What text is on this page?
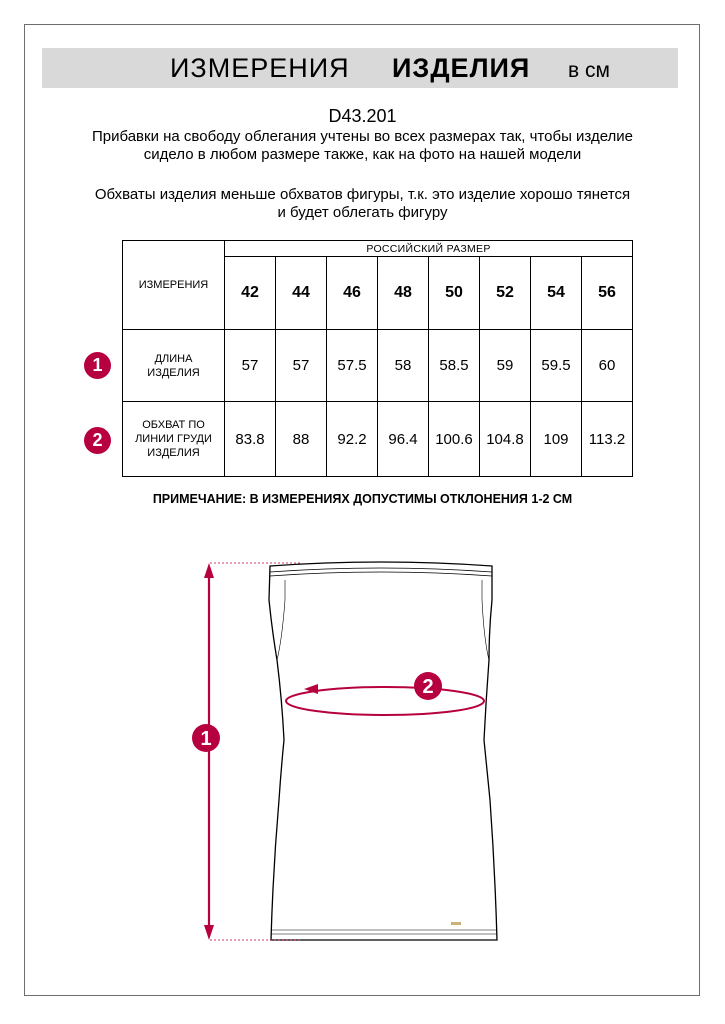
ИЗМЕРЕНИЯ ИЗДЕЛИЯ в см
D43.201
Прибавки на свободу облегания учтены во всех размерах так, чтобы изделие сидело в любом размере также, как на фото на нашей модели
Обхваты изделия меньше обхватов фигуры, т.к. это изделие хорошо тянется и будет облегать фигуру
ИЗМЕРЕНИЯ	РОССИЙСКИЙ РАЗМЕР							
	42	44	46	48	50	52	54	56
ДЛИНА
ИЗДЕЛИЯ	57	57	57.5	58	58.5	59	59.5	60
ОБХВАТ ПО
ЛИНИИ ГРУДИ
ИЗДЕЛИЯ	83.8	88	92.2	96.4	100.6	104.8	109	113.2
1
2
ПРИМЕЧАНИЕ: В ИЗМЕРЕНИЯХ ДОПУСТИМЫ ОТКЛОНЕНИЯ 1-2 СМ
1
2
